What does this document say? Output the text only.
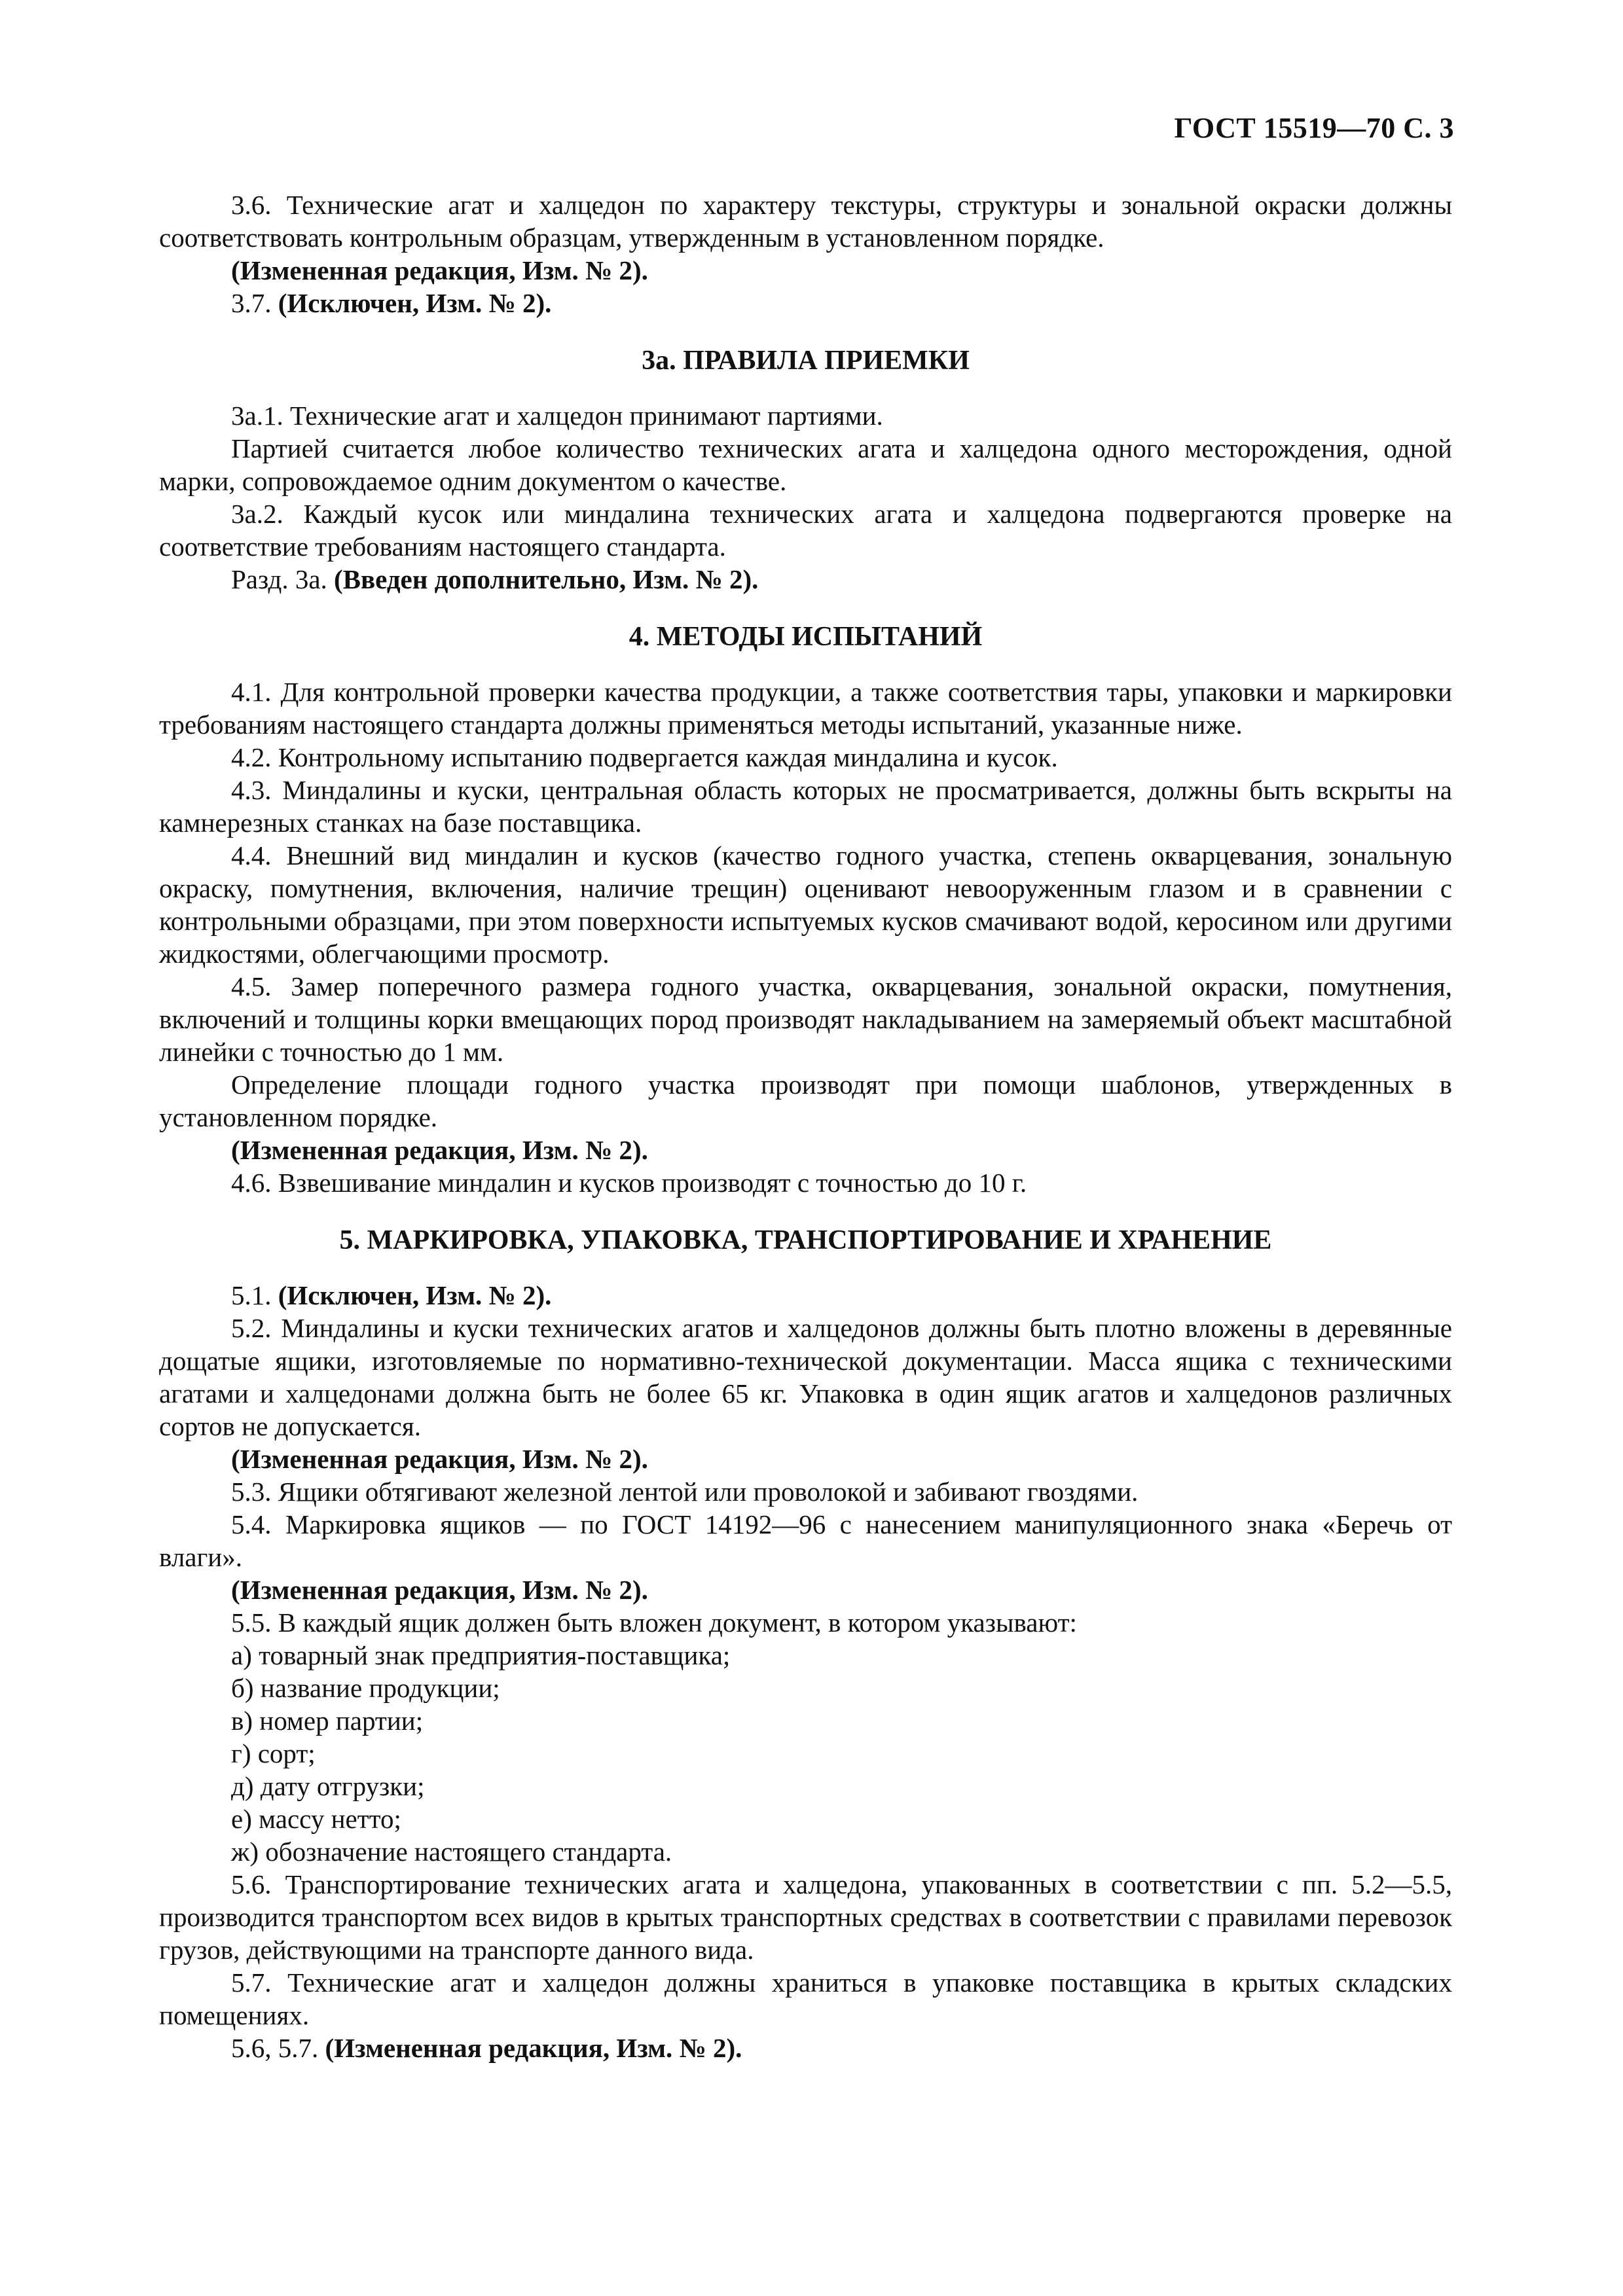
ГОСТ 15519—70 С. 3

3.6. Технические агат и халцедон по характеру текстуры, структуры и зональной окраски должны соответствовать контрольным образцам, утвержденным в установленном порядке.

(Измененная редакция, Изм. № 2).

3.7. (Исключен, Изм. № 2).

3а. ПРАВИЛА ПРИЕМКИ

3а.1. Технические агат и халцедон принимают партиями.

Партией считается любое количество технических агата и халцедона одного месторождения, одной марки, сопровождаемое одним документом о качестве.

3а.2. Каждый кусок или миндалина технических агата и халцедона подвергаются проверке на соответствие требованиям настоящего стандарта.

Разд. 3а. (Введен дополнительно, Изм. № 2).

4. МЕТОДЫ ИСПЫТАНИЙ

4.1. Для контрольной проверки качества продукции, а также соответствия тары, упаковки и маркировки требованиям настоящего стандарта должны применяться методы испытаний, указанные ниже.

4.2. Контрольному испытанию подвергается каждая миндалина и кусок.

4.3. Миндалины и куски, центральная область которых не просматривается, должны быть вскрыты на камнерезных станках на базе поставщика.

4.4. Внешний вид миндалин и кусков (качество годного участка, степень окварцевания, зональную окраску, помутнения, включения, наличие трещин) оценивают невооруженным глазом и в сравнении с контрольными образцами, при этом поверхности испытуемых кусков смачивают водой, керосином или другими жидкостями, облегчающими просмотр.

4.5. Замер поперечного размера годного участка, окварцевания, зональной окраски, помутнения, включений и толщины корки вмещающих пород производят накладыванием на замеряемый объект масштабной линейки с точностью до 1 мм.

Определение площади годного участка производят при помощи шаблонов, утвержденных в установленном порядке.

(Измененная редакция, Изм. № 2).

4.6. Взвешивание миндалин и кусков производят с точностью до 10 г.

5. МАРКИРОВКА, УПАКОВКА, ТРАНСПОРТИРОВАНИЕ И ХРАНЕНИЕ

5.1. (Исключен, Изм. № 2).

5.2. Миндалины и куски технических агатов и халцедонов должны быть плотно вложены в деревянные дощатые ящики, изготовляемые по нормативно-технической документации. Масса ящика с техническими агатами и халцедонами должна быть не более 65 кг. Упаковка в один ящик агатов и халцедонов различных сортов не допускается.

(Измененная редакция, Изм. № 2).

5.3. Ящики обтягивают железной лентой или проволокой и забивают гвоздями.

5.4. Маркировка ящиков — по ГОСТ 14192—96 с нанесением манипуляционного знака «Беречь от влаги».

(Измененная редакция, Изм. № 2).

5.5. В каждый ящик должен быть вложен документ, в котором указывают:

а) товарный знак предприятия-поставщика;

б) название продукции;

в) номер партии;

г) сорт;

д) дату отгрузки;

е) массу нетто;

ж) обозначение настоящего стандарта.

5.6. Транспортирование технических агата и халцедона, упакованных в соответствии с пп. 5.2—5.5, производится транспортом всех видов в крытых транспортных средствах в соответствии с правилами перевозок грузов, действующими на транспорте данного вида.

5.7. Технические агат и халцедон должны храниться в упаковке поставщика в крытых складских помещениях.

5.6, 5.7. (Измененная редакция, Изм. № 2).
